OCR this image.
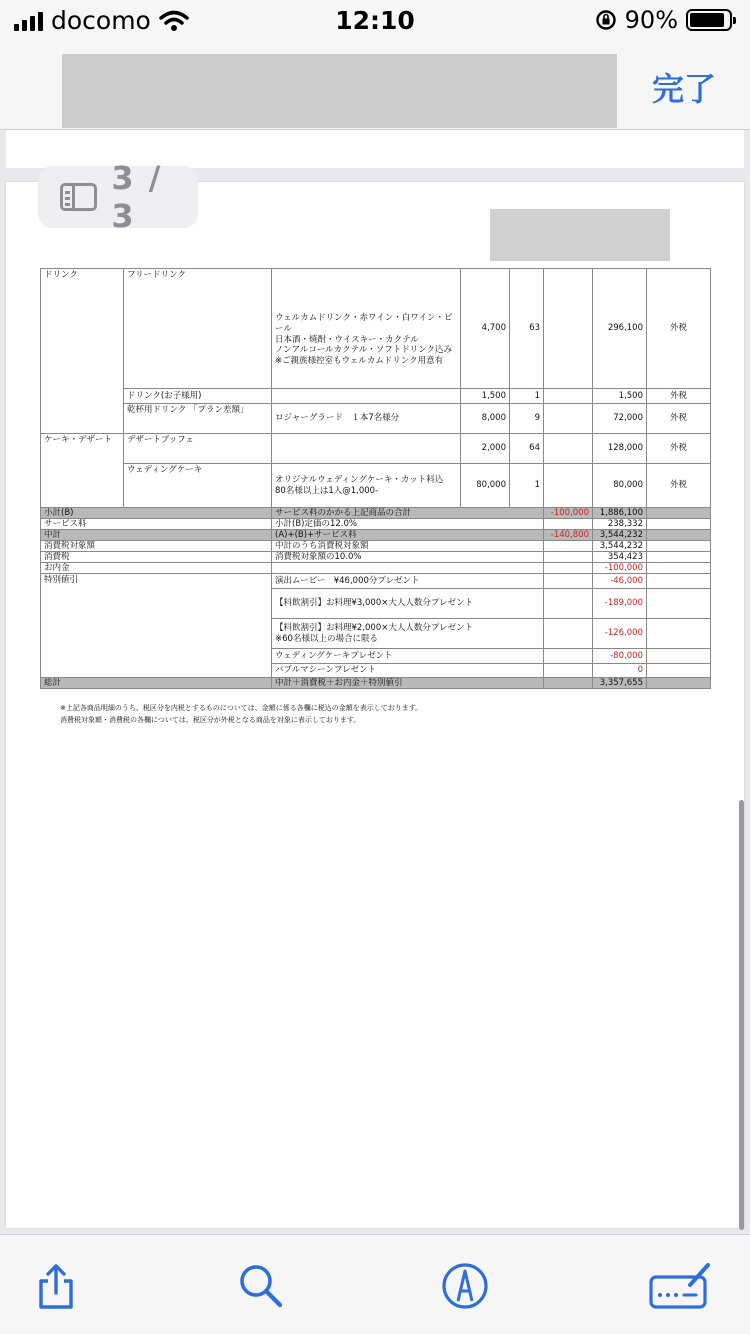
docomo	12:10	90%
完了
ドリンク	フリードリンク	ウェルカムドリンク・赤ワイン・白ワイン・ビール
日本酒・焼酎・ウイスキー・カクテル
ノンアルコールカクテル・ソフトドリンク込み
※ご親族様控室もウェルカムドリンク用意有	4,700	63		296,100	外税
	ドリンク(お子様用)		1,500	1		1,500	外税
	乾杯用ドリンク 「プラン差額」	ロジャーグラード　１本7名様分	8,000	9		72,000	外税
ケーキ・デザート	デザートブッフェ		2,000	64		128,000	外税
	ウェディングケーキ	オリジナルウェディングケーキ・カット料込
80名様以上は1人@1,000-	80,000	1		80,000	外税
小計(B)		サービス料のかかる上記商品の合計			-100,000	1,886,100	
サービス料		小計(B)定価の12.0%				238,332	
中計		(A)+(B)+サービス料			-140,800	3,544,232	
消費税対象額		中計のうち消費税対象額				3,544,232	
消費税		消費税対象額の10.0%				354,423	
お内金						-100,000	
特別値引		演出ムービー　¥46,000分プレゼント				-46,000	
		【料飲割引】お料理¥3,000×大人人数分プレゼント				-189,000	
		【料飲割引】お料理¥2,000×大人人数分プレゼント　※60名様以上の場合に限る				-126,000	
		ウェディングケーキプレゼント				-80,000	
		バブルマシーンプレゼント				0	
総計		中計＋消費税＋お内金＋特別値引				3,357,655	
※上記各商品明細のうち、税区分を内税とするものについては、金額に係る各欄に税込の金額を表示しております。
消費税対象額・消費税の各欄については、税区分が外税となる商品を対象に表示しております。
3 / 3
